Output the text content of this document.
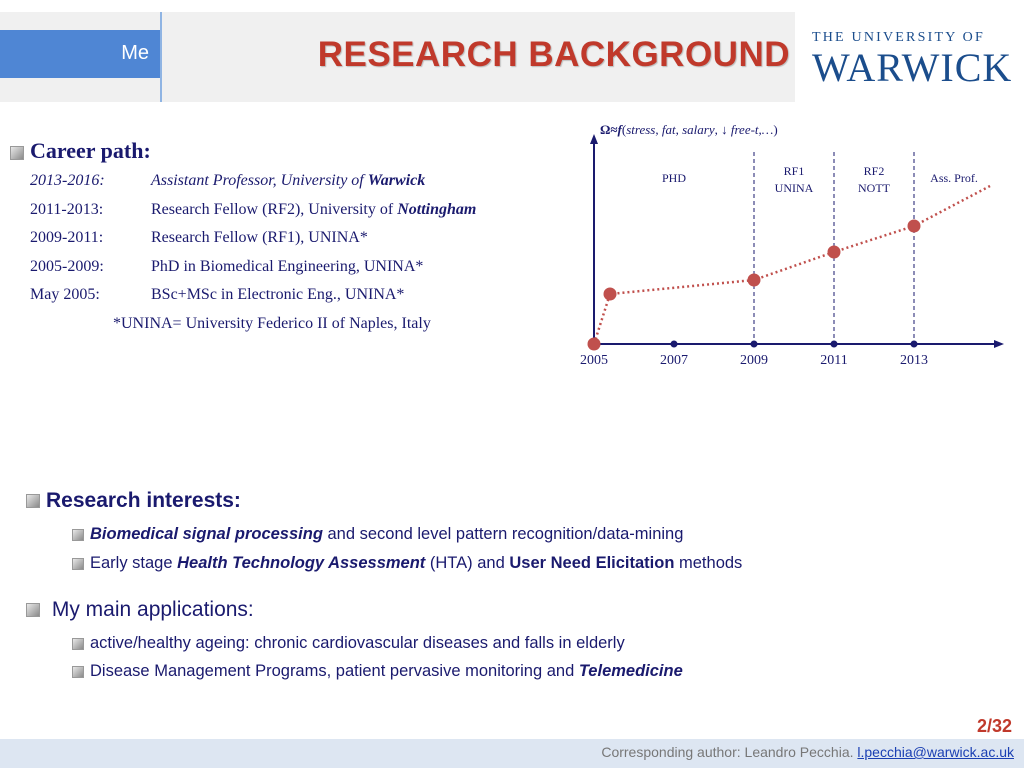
Me	RESEARCH BACKGROUND THE UNIVERSITY OF
WARWICK
Career path:
2013-2016:	Assistant Professor, University of Warwick
2011-2013:	Research Fellow (RF2), University of Nottingham
2009-2011:	Research Fellow (RF1), UNINA*
2005-2009:	PhD in Biomedical Engineering, UNINA*
May 2005:	BSc+MSc in Electronic Eng., UNINA*
*UNINA= University Federico II of Naples, Italy
Ω≈f(stress, fat, salary, ↓ free-t,…)
PHD	RF1
UNINA
RF2
NOTT
Ass. Prof.
2005	2007	2009	2011	2013
Research interests:
Biomedical signal processing and second level pattern recognition/data-mining
Early stage Health Technology Assessment (HTA) and User Need Elicitation methods
My main applications:
active/healthy ageing: chronic cardiovascular diseases and falls in elderly
Disease Management Programs, patient pervasive monitoring and Telemedicine
2/32
Corresponding author: Leandro Pecchia. l.pecchia@warwick.ac.uk
